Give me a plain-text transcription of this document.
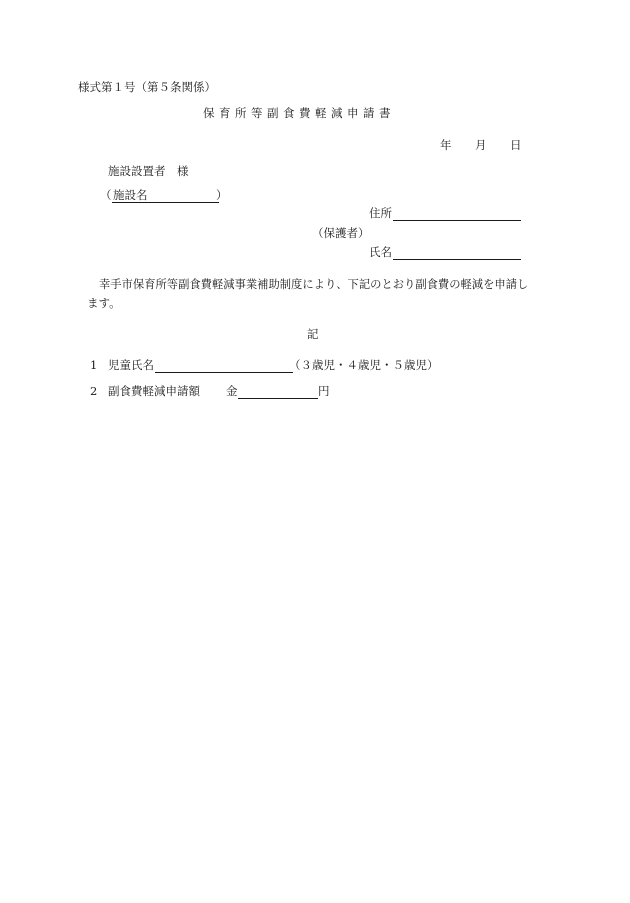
様式第１号（第５条関係）
保育所等副食費軽減申請書
年 月 日
施設設置者　様
（ 施設名	）
住所
（保護者）
氏名
幸手市保育所等副食費軽減事業補助制度により、下記のとおり副食費の軽減を申請し
ます。
記
1 児童氏名	（３歳児・４歳児・５歳児）
2 副食費軽減申請額 金	円
